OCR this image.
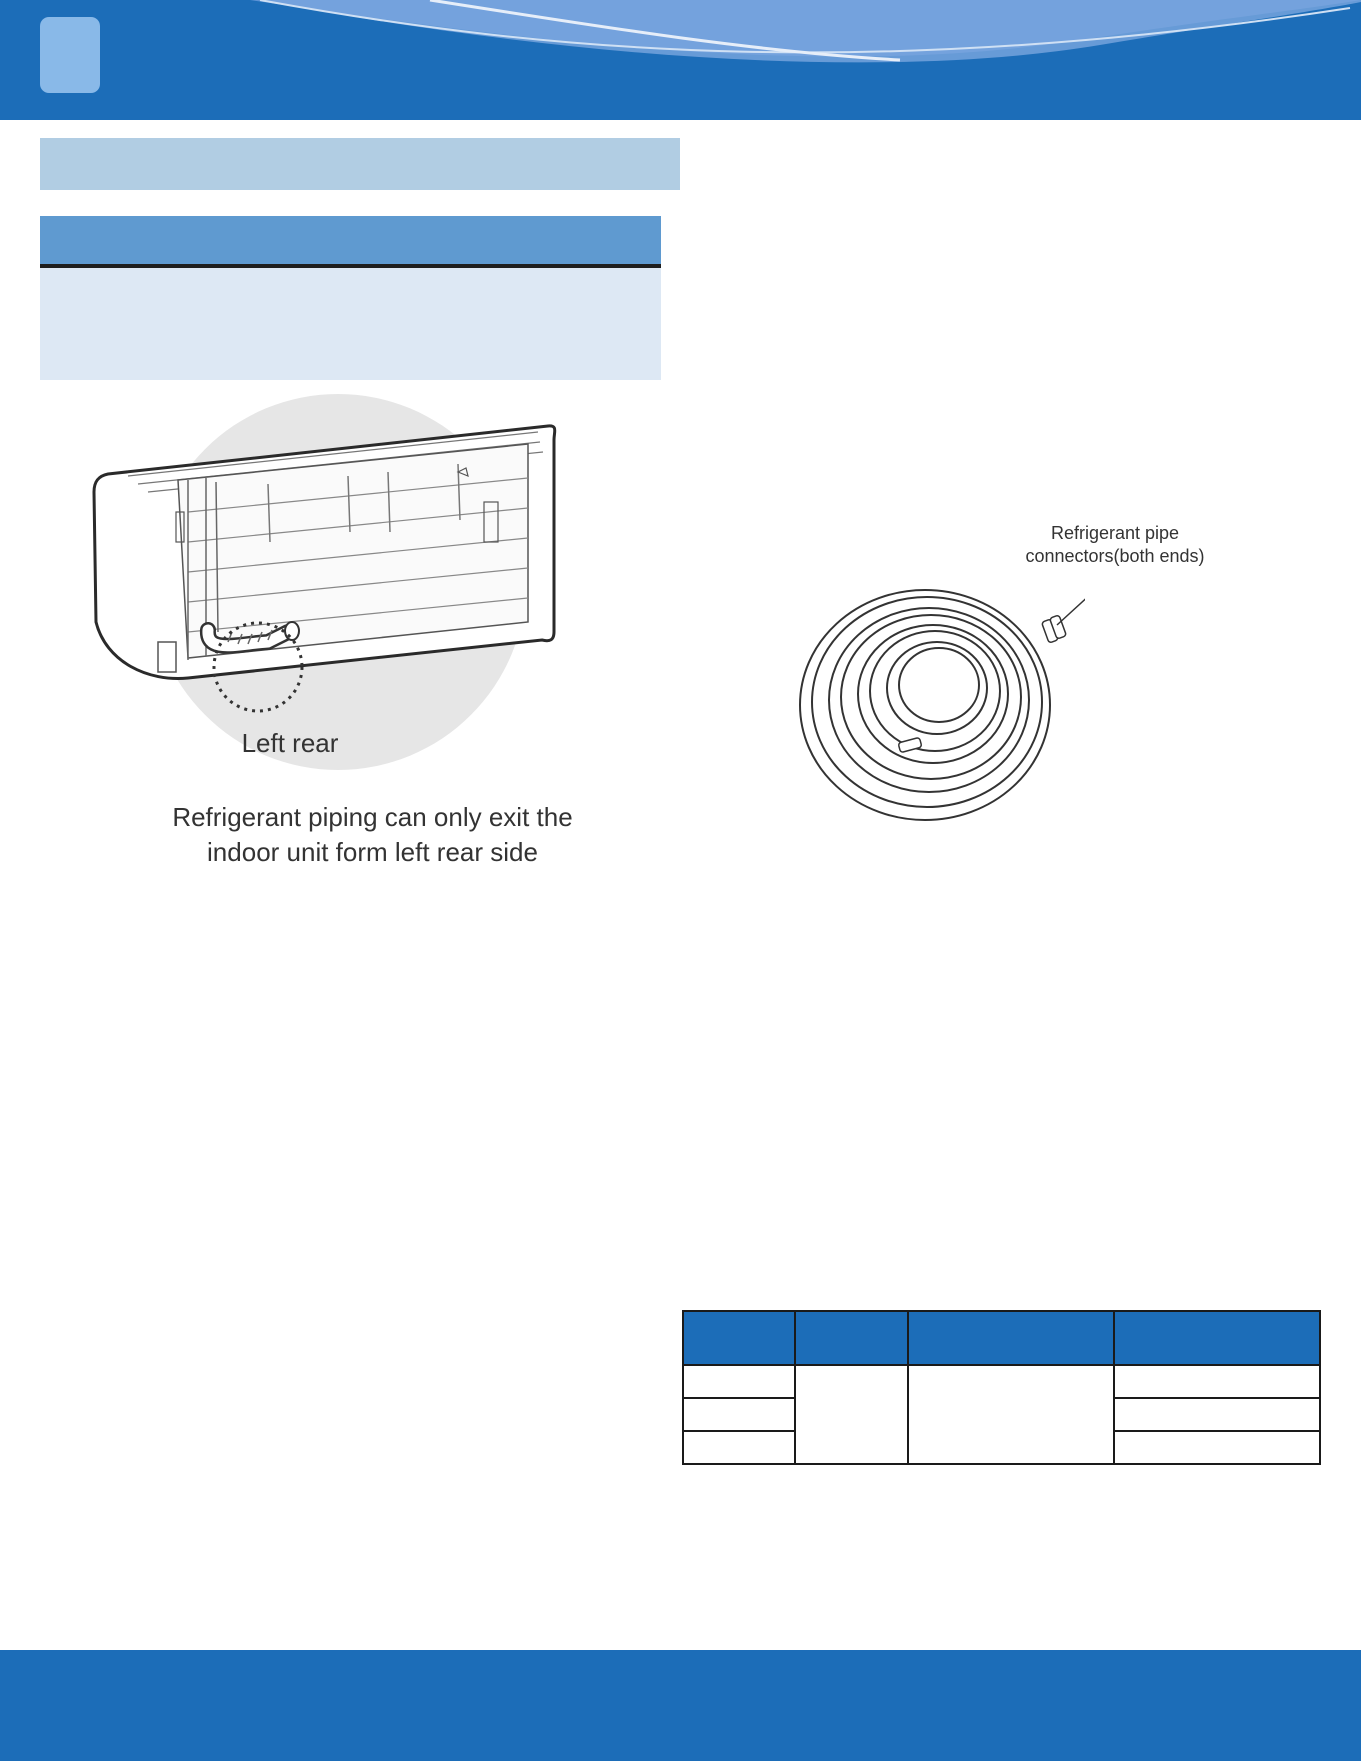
Left rear
Refrigerant piping can only exit the
indoor unit form left rear side
Refrigerant pipe
connectors(both ends)
